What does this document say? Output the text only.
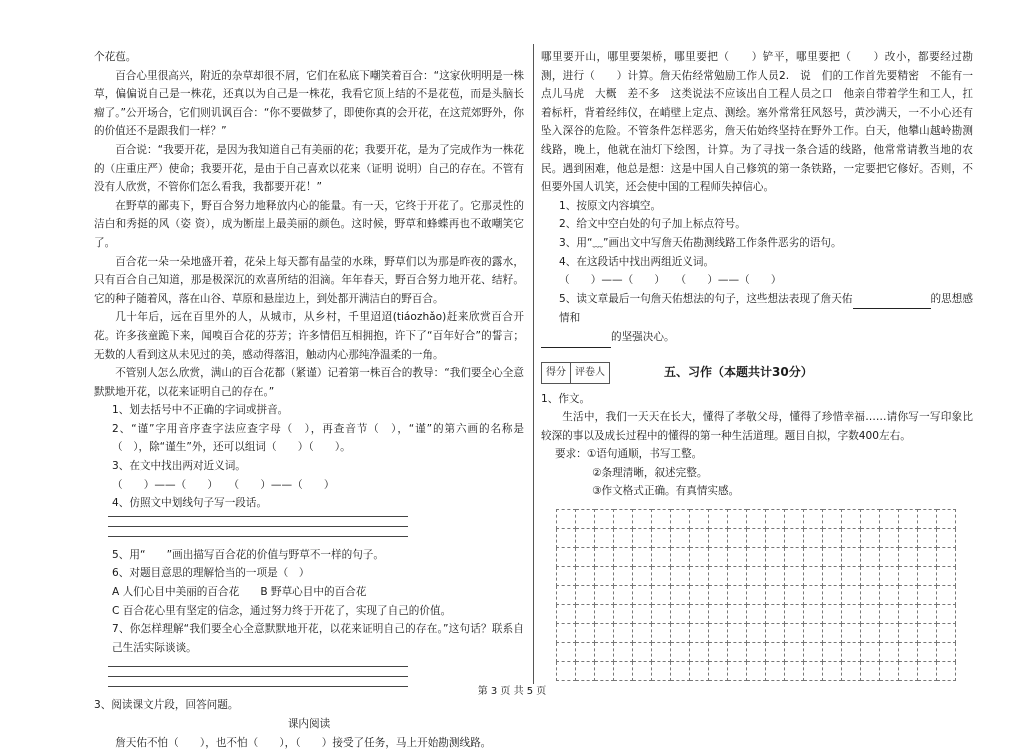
个花苞。

百合心里很高兴，附近的杂草却很不屑，它们在私底下嘲笑着百合：“这家伙明明是一株草，偏偏说自己是一株花，还真以为自己是一株花，我看它顶上结的不是花苞，而是头脑长瘤了。”公开场合，它们则讥讽百合：“你不要做梦了，即使你真的会开花，在这荒郊野外，你的价值还不是跟我们一样？”

百合说：“我要开花，是因为我知道自己有美丽的花；我要开花，是为了完成作为一株花的（庄重庄严）使命；我要开花，是由于自己喜欢以花来（证明 说明）自己的存在。不管有没有人欣赏，不管你们怎么看我，我都要开花！”

在野草的鄙夷下，野百合努力地释放内心的能量。有一天，它终于开花了。它那灵性的洁白和秀挺的风（姿 资），成为断崖上最美丽的颜色。这时候，野草和蜂蝶再也不敢嘲笑它了。

百合花一朵一朵地盛开着，花朵上每天都有晶莹的水珠，野草们以为那是昨夜的露水，只有百合自己知道，那是极深沉的欢喜所结的泪滴。年年春天，野百合努力地开花、结籽。它的种子随着风，落在山谷、草原和悬崖边上，到处都开满洁白的野百合。

几十年后，远在百里外的人，从城市，从乡村，千里迢迢(tiáozhǎo)赶来欣赏百合开花。许多孩童跪下来，闻嗅百合花的芬芳；许多情侣互相拥抱，许下了“百年好合”的誓言；无数的人看到这从未见过的美，感动得落泪，触动内心那纯净温柔的一角。

不管别人怎么欣赏，满山的百合花都（紧谨）记着第一株百合的教导：“我们要全心全意默默地开花，以花来证明自己的存在。”

1、划去括号中不正确的字词或拼音。

2、“谨”字用音序查字法应查字母（　），再查音节（　），“谨”的第六画的名称是（　），除“谨生”外，还可以组词（　　）（　　）。

3、在文中找出两对近义词。

（　　）——（　　）　　（　　）——（　　）

4、仿照文中划线句子写一段话。

5、用“　　”画出描写百合花的价值与野草不一样的句子。

6、对题目意思的理解恰当的一项是（　）

A 人们心目中美丽的百合花　　B 野草心目中的百合花

C 百合花心里有坚定的信念，通过努力终于开花了，实现了自己的价值。

7、你怎样理解“我们要全心全意默默地开花，以花来证明自己的存在。”这句话？联系自己生活实际谈谈。

3、阅读课文片段，回答问题。

课内阅读

詹天佑不怕（　　），也不怕（　　），（　　）接受了任务，马上开始勘测线路。

哪里要开山，哪里要架桥，哪里要把（　　）铲平，哪里要把（　　）改小，都要经过勘测，进行（　　）计算。詹天佑经常勉励工作人员2.　说　们的工作首先要精密　不能有一点儿马虎　大概　差不多　这类说法不应该出自工程人员之口　他亲自带着学生和工人，扛着标杆，背着经纬仪，在峭壁上定点、测绘。塞外常常狂风怒号，黄沙满天，一不小心还有坠入深谷的危险。不管条件怎样恶劣，詹天佑始终坚持在野外工作。白天，他攀山越岭勘测线路，晚上，他就在油灯下绘图，计算。为了寻找一条合适的线路，他常常请教当地的农民。遇到困难，他总是想：这是中国人自己修筑的第一条铁路，一定要把它修好。否则，不但要外国人讥笑，还会使中国的工程师失掉信心。

1、按原文内容填空。

2、给文中空白处的句子加上标点符号。

3、用“﹏”画出文中写詹天佑勘测线路工作条件恶劣的语句。

4、在这段话中找出两组近义词。

（　　）——（　　）　　（　　）——（　　）

5、读文章最后一句詹天佑想法的句子，这些想法表现了詹天佑	的思想感情和

的坚强决心。

得分 评卷人	五、习作（本题共计30分）

1、作文。

生活中，我们一天天在长大，懂得了孝敬父母，懂得了珍惜幸福……请你写一写印象比较深的事以及成长过程中的懂得的第一种生活道理。题目自拟，字数400左右。

要求：①语句通顺，书写工整。

②条理清晰，叙述完整。

③作文格式正确。有真情实感。

第 3 页 共 5 页
